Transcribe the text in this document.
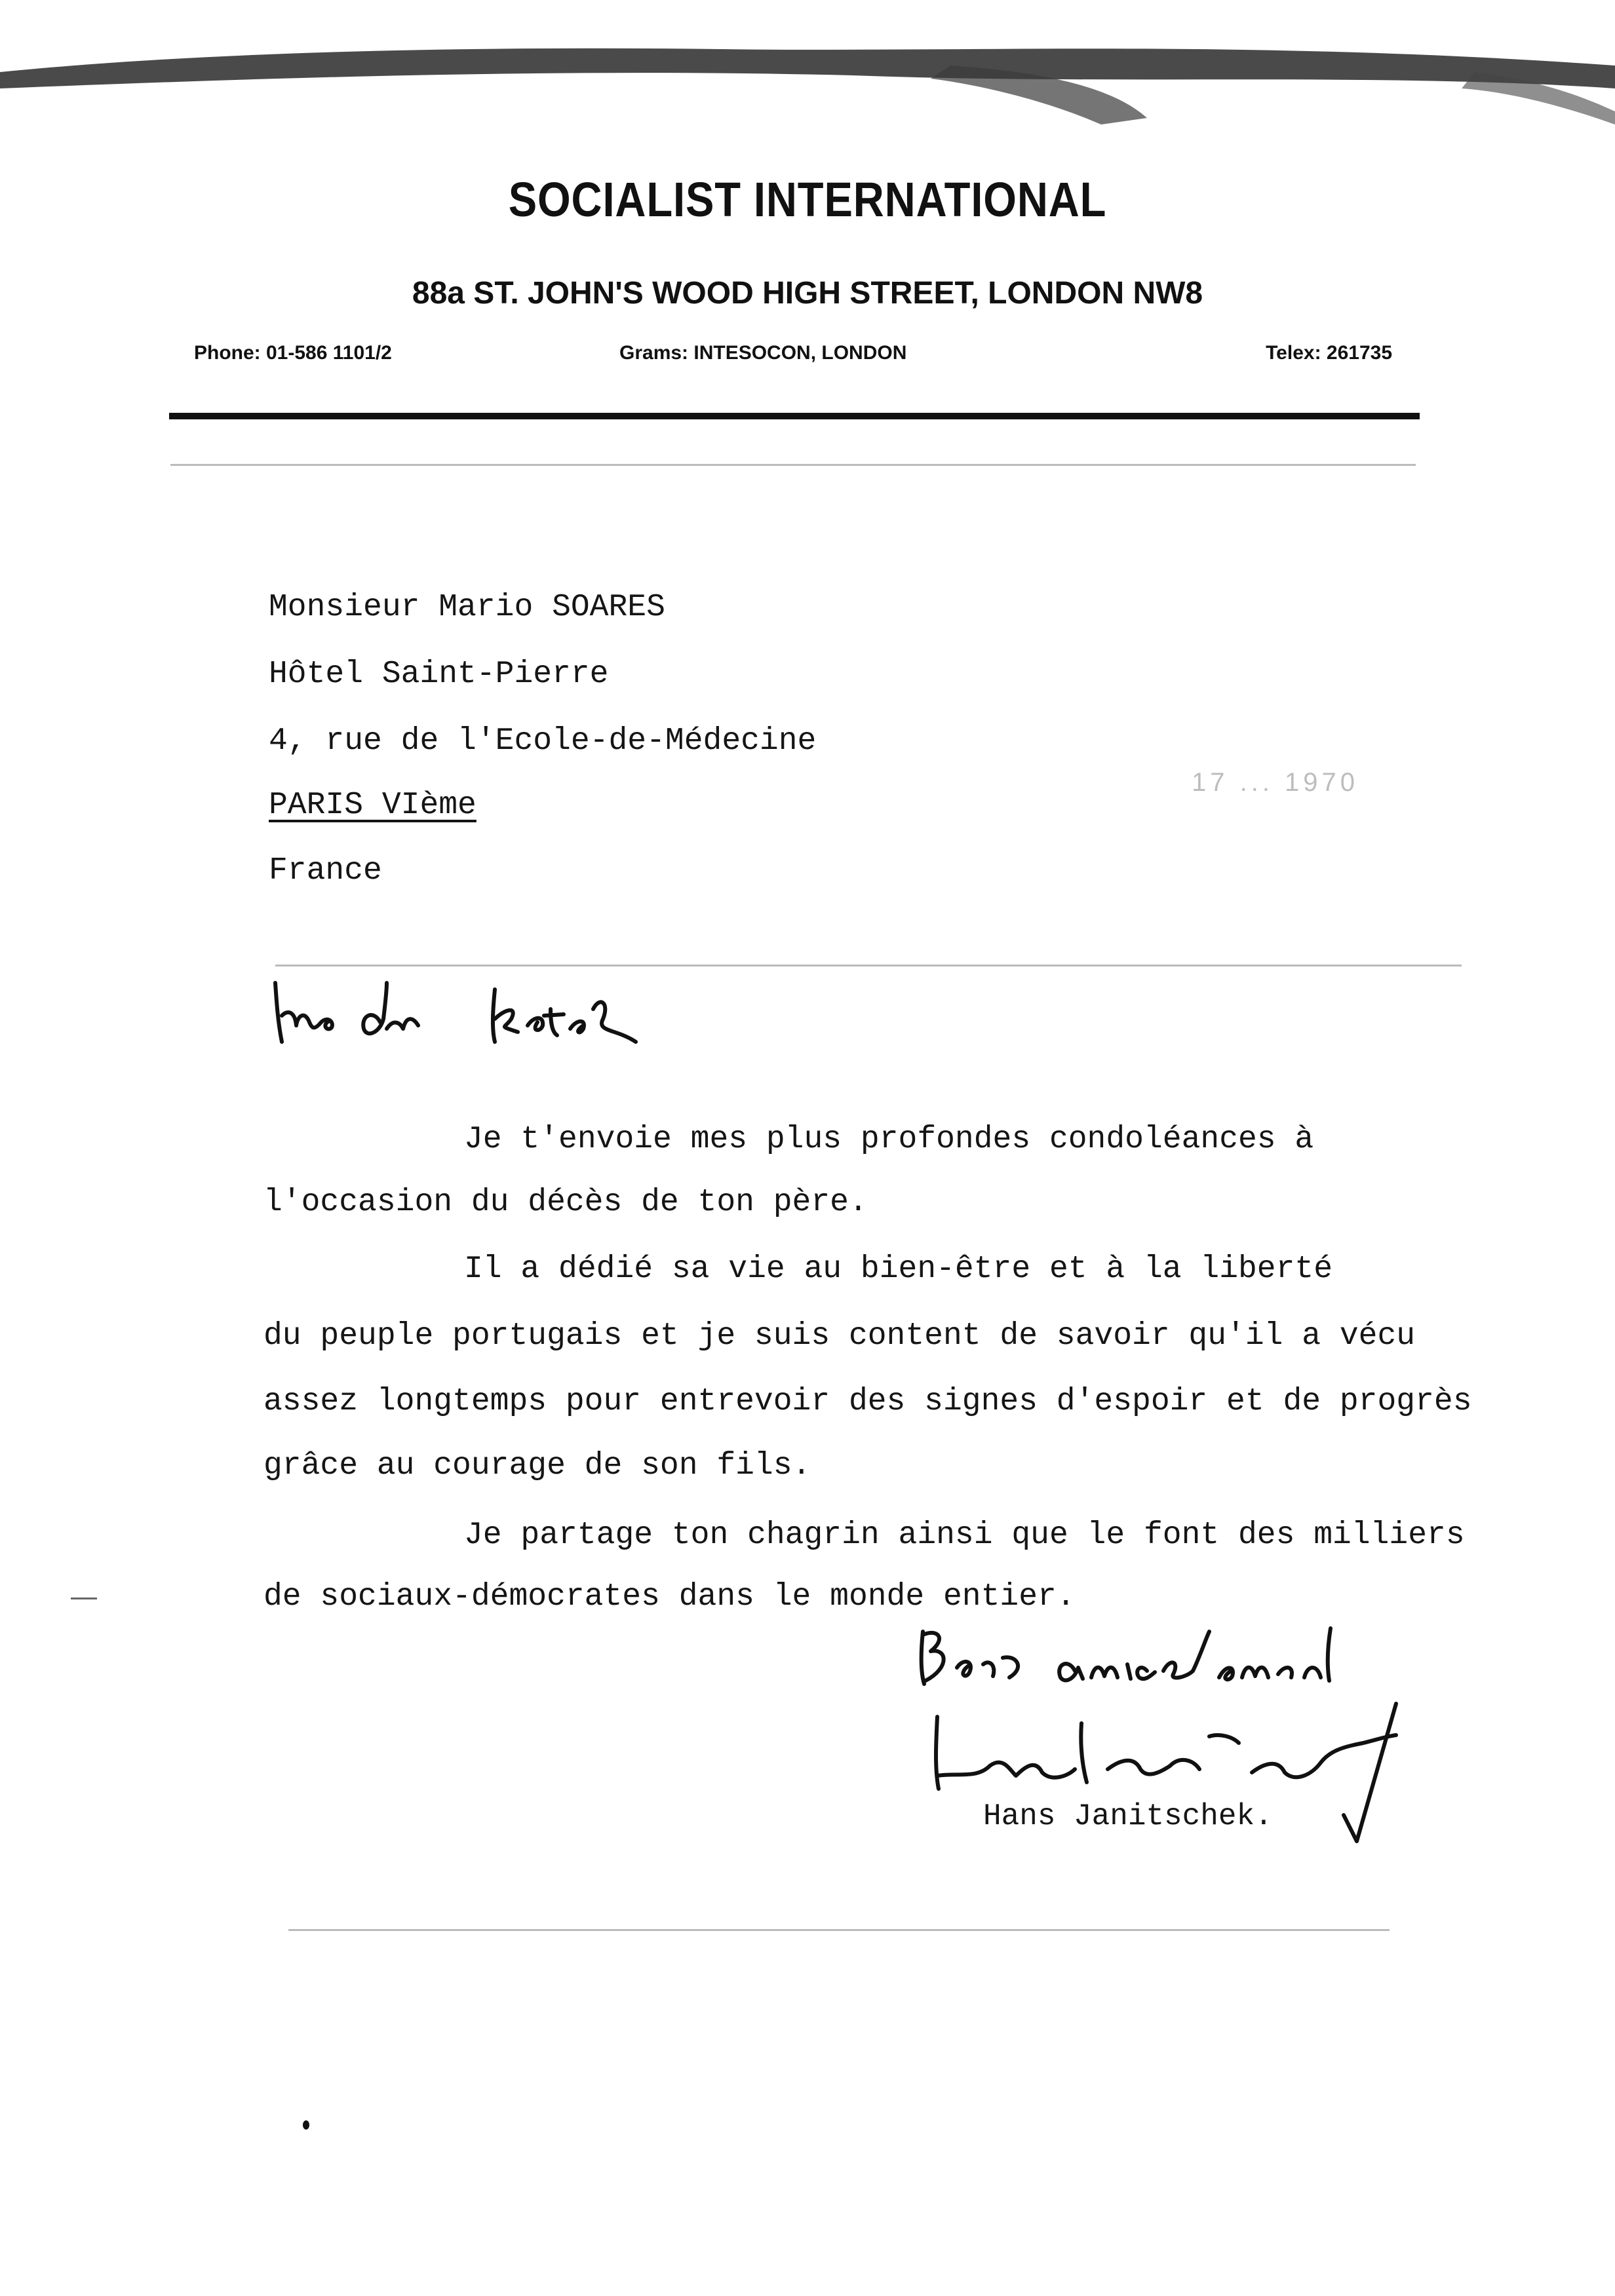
SOCIALIST INTERNATIONAL
88a ST. JOHN'S WOOD HIGH STREET, LONDON NW8
Phone: 01-586 1101/2	Grams: INTESOCON, LONDON	Telex: 261735
Monsieur Mario SOARES
Hôtel Saint-Pierre
4, rue de l'Ecole-de-Médecine
PARIS VIème
France
17 ... 1970
Je t'envoie mes plus profondes condoléances à
l'occasion du décès de ton père.
Il a dédié sa vie au bien-être et à la liberté
du peuple portugais et je suis content de savoir qu'il a vécu
assez longtemps pour entrevoir des signes d'espoir et de progrès
grâce au courage de son fils.
Je partage ton chagrin ainsi que le font des milliers
de sociaux-démocrates dans le monde entier.
Hans Janitschek.
